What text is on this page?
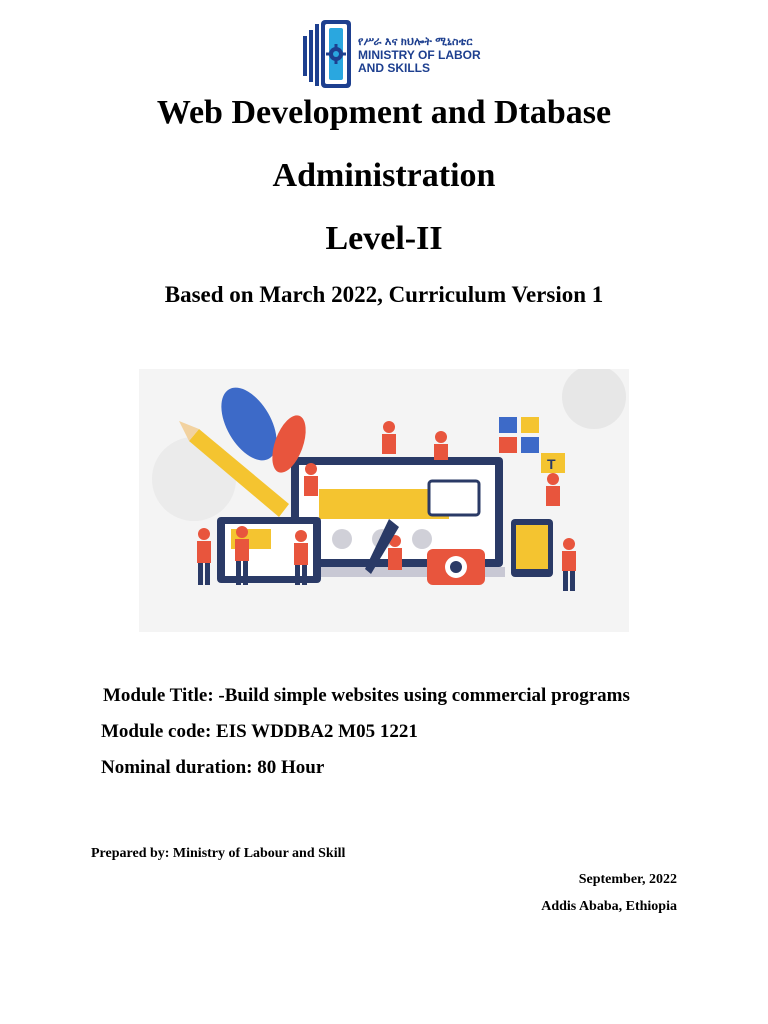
የሥራ እና ክህሎት ሚኒስቴር
MINISTRY OF LABOR
AND SKILLS
Web Development and Dtabase
Administration
Level-II
Based on March 2022, Curriculum Version 1
T
Module Title: -Build simple websites using commercial programs
Module code: EIS WDDBA2 M05 1221
Nominal duration: 80 Hour
Prepared by: Ministry of Labour and Skill
September, 2022
Addis Ababa, Ethiopia
